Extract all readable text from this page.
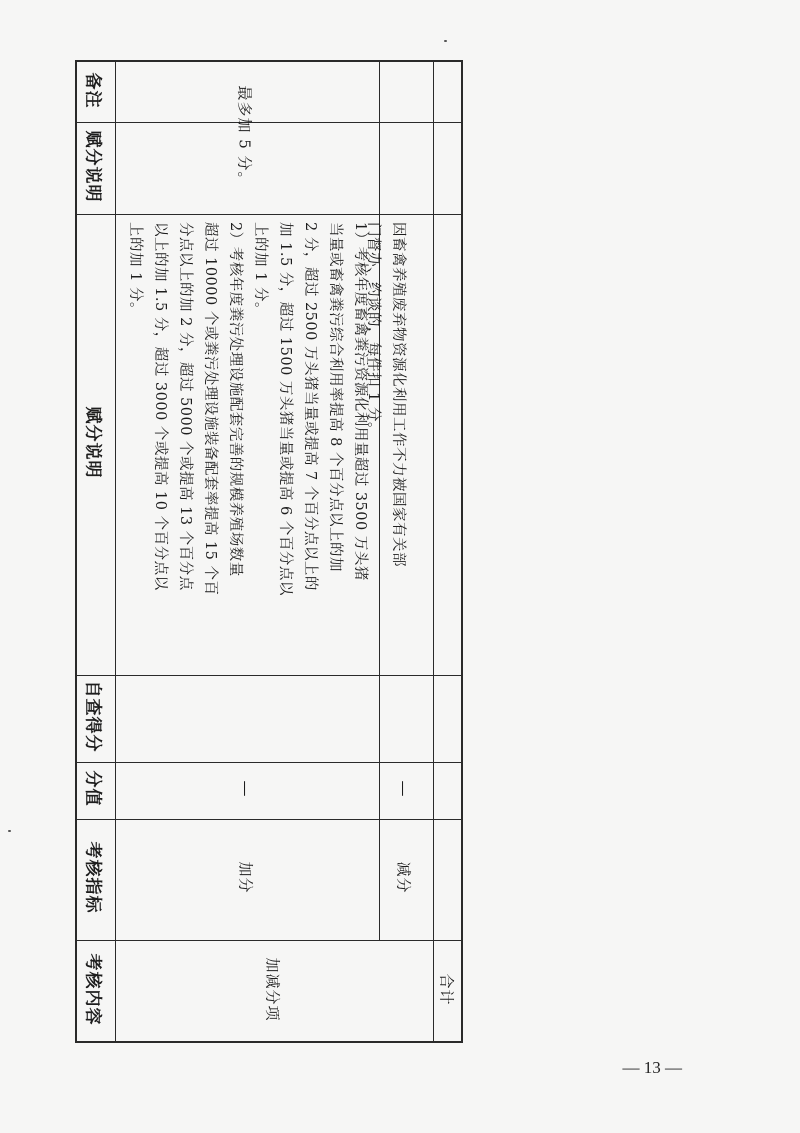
备注
赋分说明
赋分说明
自查得分
分值
考核指标
考核内容
最多加 5 分。
1）考核年度畜禽粪污资源化利用量超过 3500 万头猪
当量或畜禽粪污综合利用率提高 8 个百分点以上的加
2 分，超过 2500 万头猪当量或提高 7 个百分点以上的
加 1.5 分，超过 1500 万头猪当量或提高 6 个百分点以
上的加 1 分。
2）考核年度粪污处理设施配套完善的规模养殖场数量
超过 10000 个或粪污处理设施装备配套率提高 15 个百
分点以上的加 2 分，超过 5000 个或提高 13 个百分点
以上的加 1.5 分，超过 3000 个或提高 10 个百分点以
上的加 1 分。
—
加分
加减分项
因畜禽养殖废弃物资源化利用工作不力被国家有关部
门督办、约谈的，每件扣 1 分。
—
减分
合计
— 13 —
